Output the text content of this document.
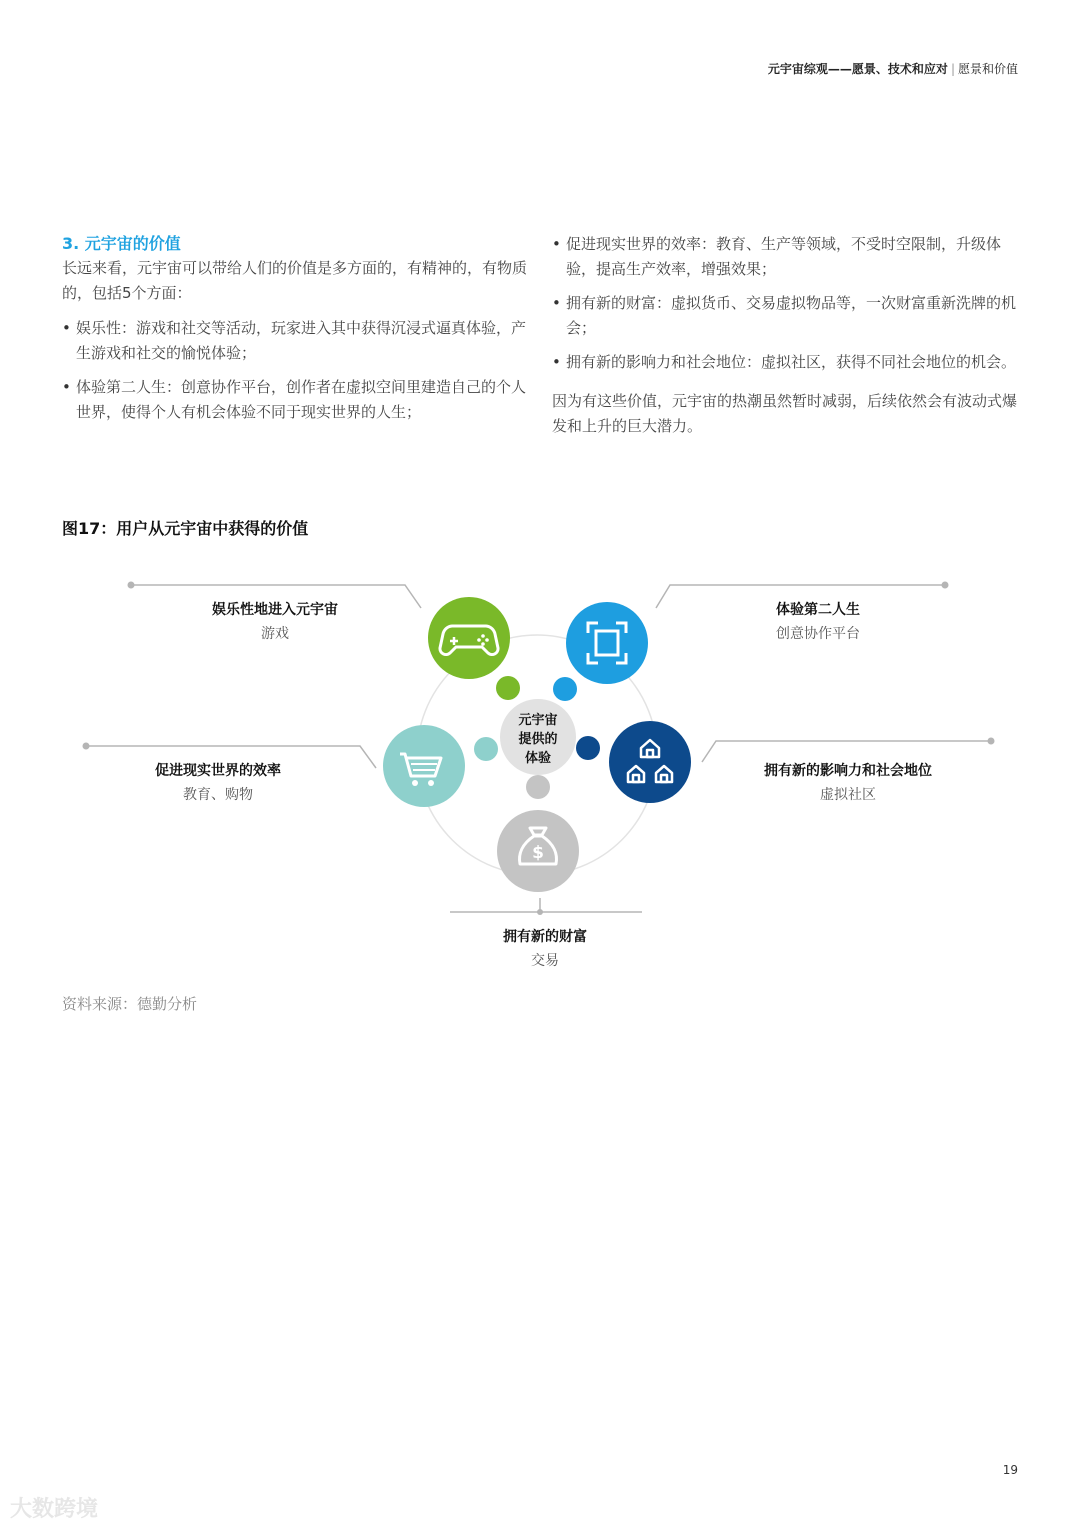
元宇宙综观——愿景、技术和应对 | 愿景和价值

3. 元宇宙的价值

长远来看，元宇宙可以带给人们的价值是多方面的，有精神的，有物质的，包括5个方面：

• 娱乐性：游戏和社交等活动，玩家进入其中获得沉浸式逼真体验，产生游戏和社交的愉悦体验；
• 体验第二人生：创意协作平台，创作者在虚拟空间里建造自己的个人世界，使得个人有机会体验不同于现实世界的人生；
• 促进现实世界的效率：教育、生产等领域，不受时空限制，升级体验，提高生产效率，增强效果；
• 拥有新的财富：虚拟货币、交易虚拟物品等，一次财富重新洗牌的机会；
• 拥有新的影响力和社会地位：虚拟社区，获得不同社会地位的机会。

因为有这些价值，元宇宙的热潮虽然暂时减弱，后续依然会有波动式爆发和上升的巨大潜力。

图17：用户从元宇宙中获得的价值
元宇宙
提供的
体验
$
娱乐性地进入元宇宙
游戏
体验第二人生
创意协作平台
促进现实世界的效率
教育、购物
拥有新的影响力和社会地位
虚拟社区
拥有新的财富
交易
资料来源：德勤分析
19
大数跨境
